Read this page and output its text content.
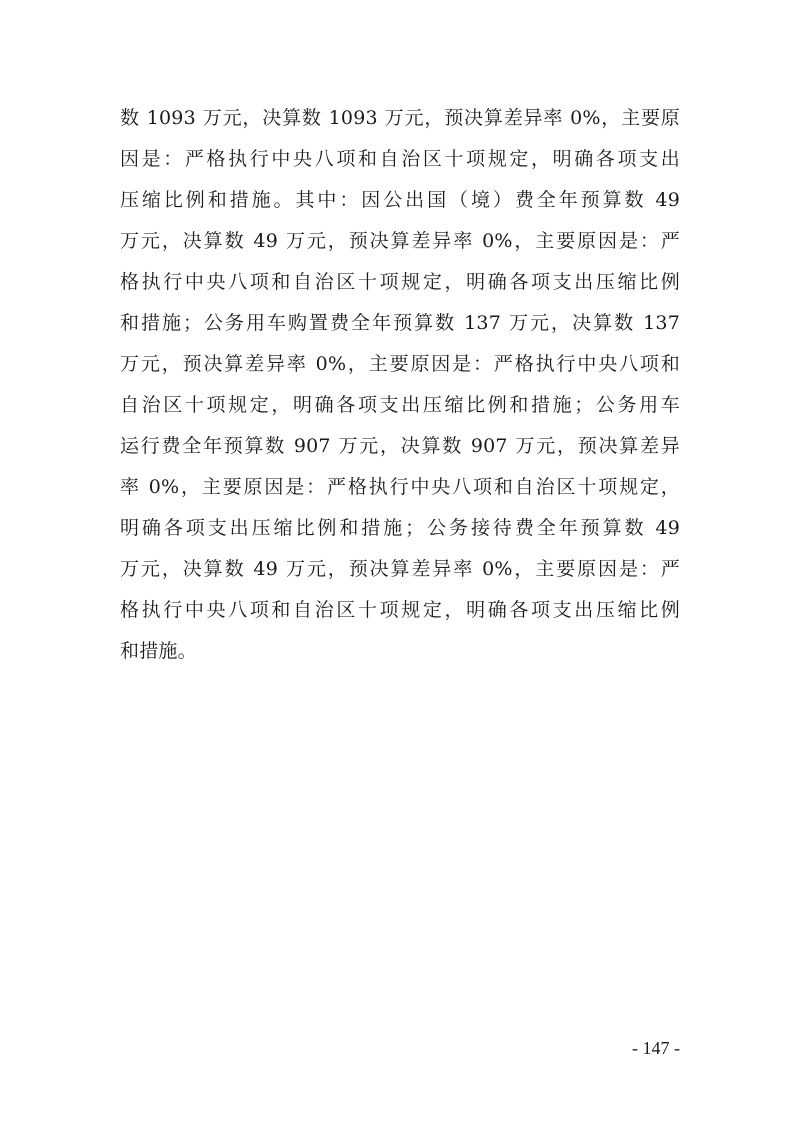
数 1093 万元，决算数 1093 万元，预决算差异率 0%，主要原
因是：严格执行中央八项和自治区十项规定，明确各项支出
压缩比例和措施。其中：因公出国（境）费全年预算数 49
万元，决算数 49 万元，预决算差异率 0%，主要原因是：严
格执行中央八项和自治区十项规定，明确各项支出压缩比例
和措施；公务用车购置费全年预算数 137 万元，决算数 137
万元，预决算差异率 0%，主要原因是：严格执行中央八项和
自治区十项规定，明确各项支出压缩比例和措施；公务用车
运行费全年预算数 907 万元，决算数 907 万元，预决算差异
率 0%，主要原因是：严格执行中央八项和自治区十项规定，
明确各项支出压缩比例和措施；公务接待费全年预算数 49
万元，决算数 49 万元，预决算差异率 0%，主要原因是：严
格执行中央八项和自治区十项规定，明确各项支出压缩比例
和措施。
- 147 -
